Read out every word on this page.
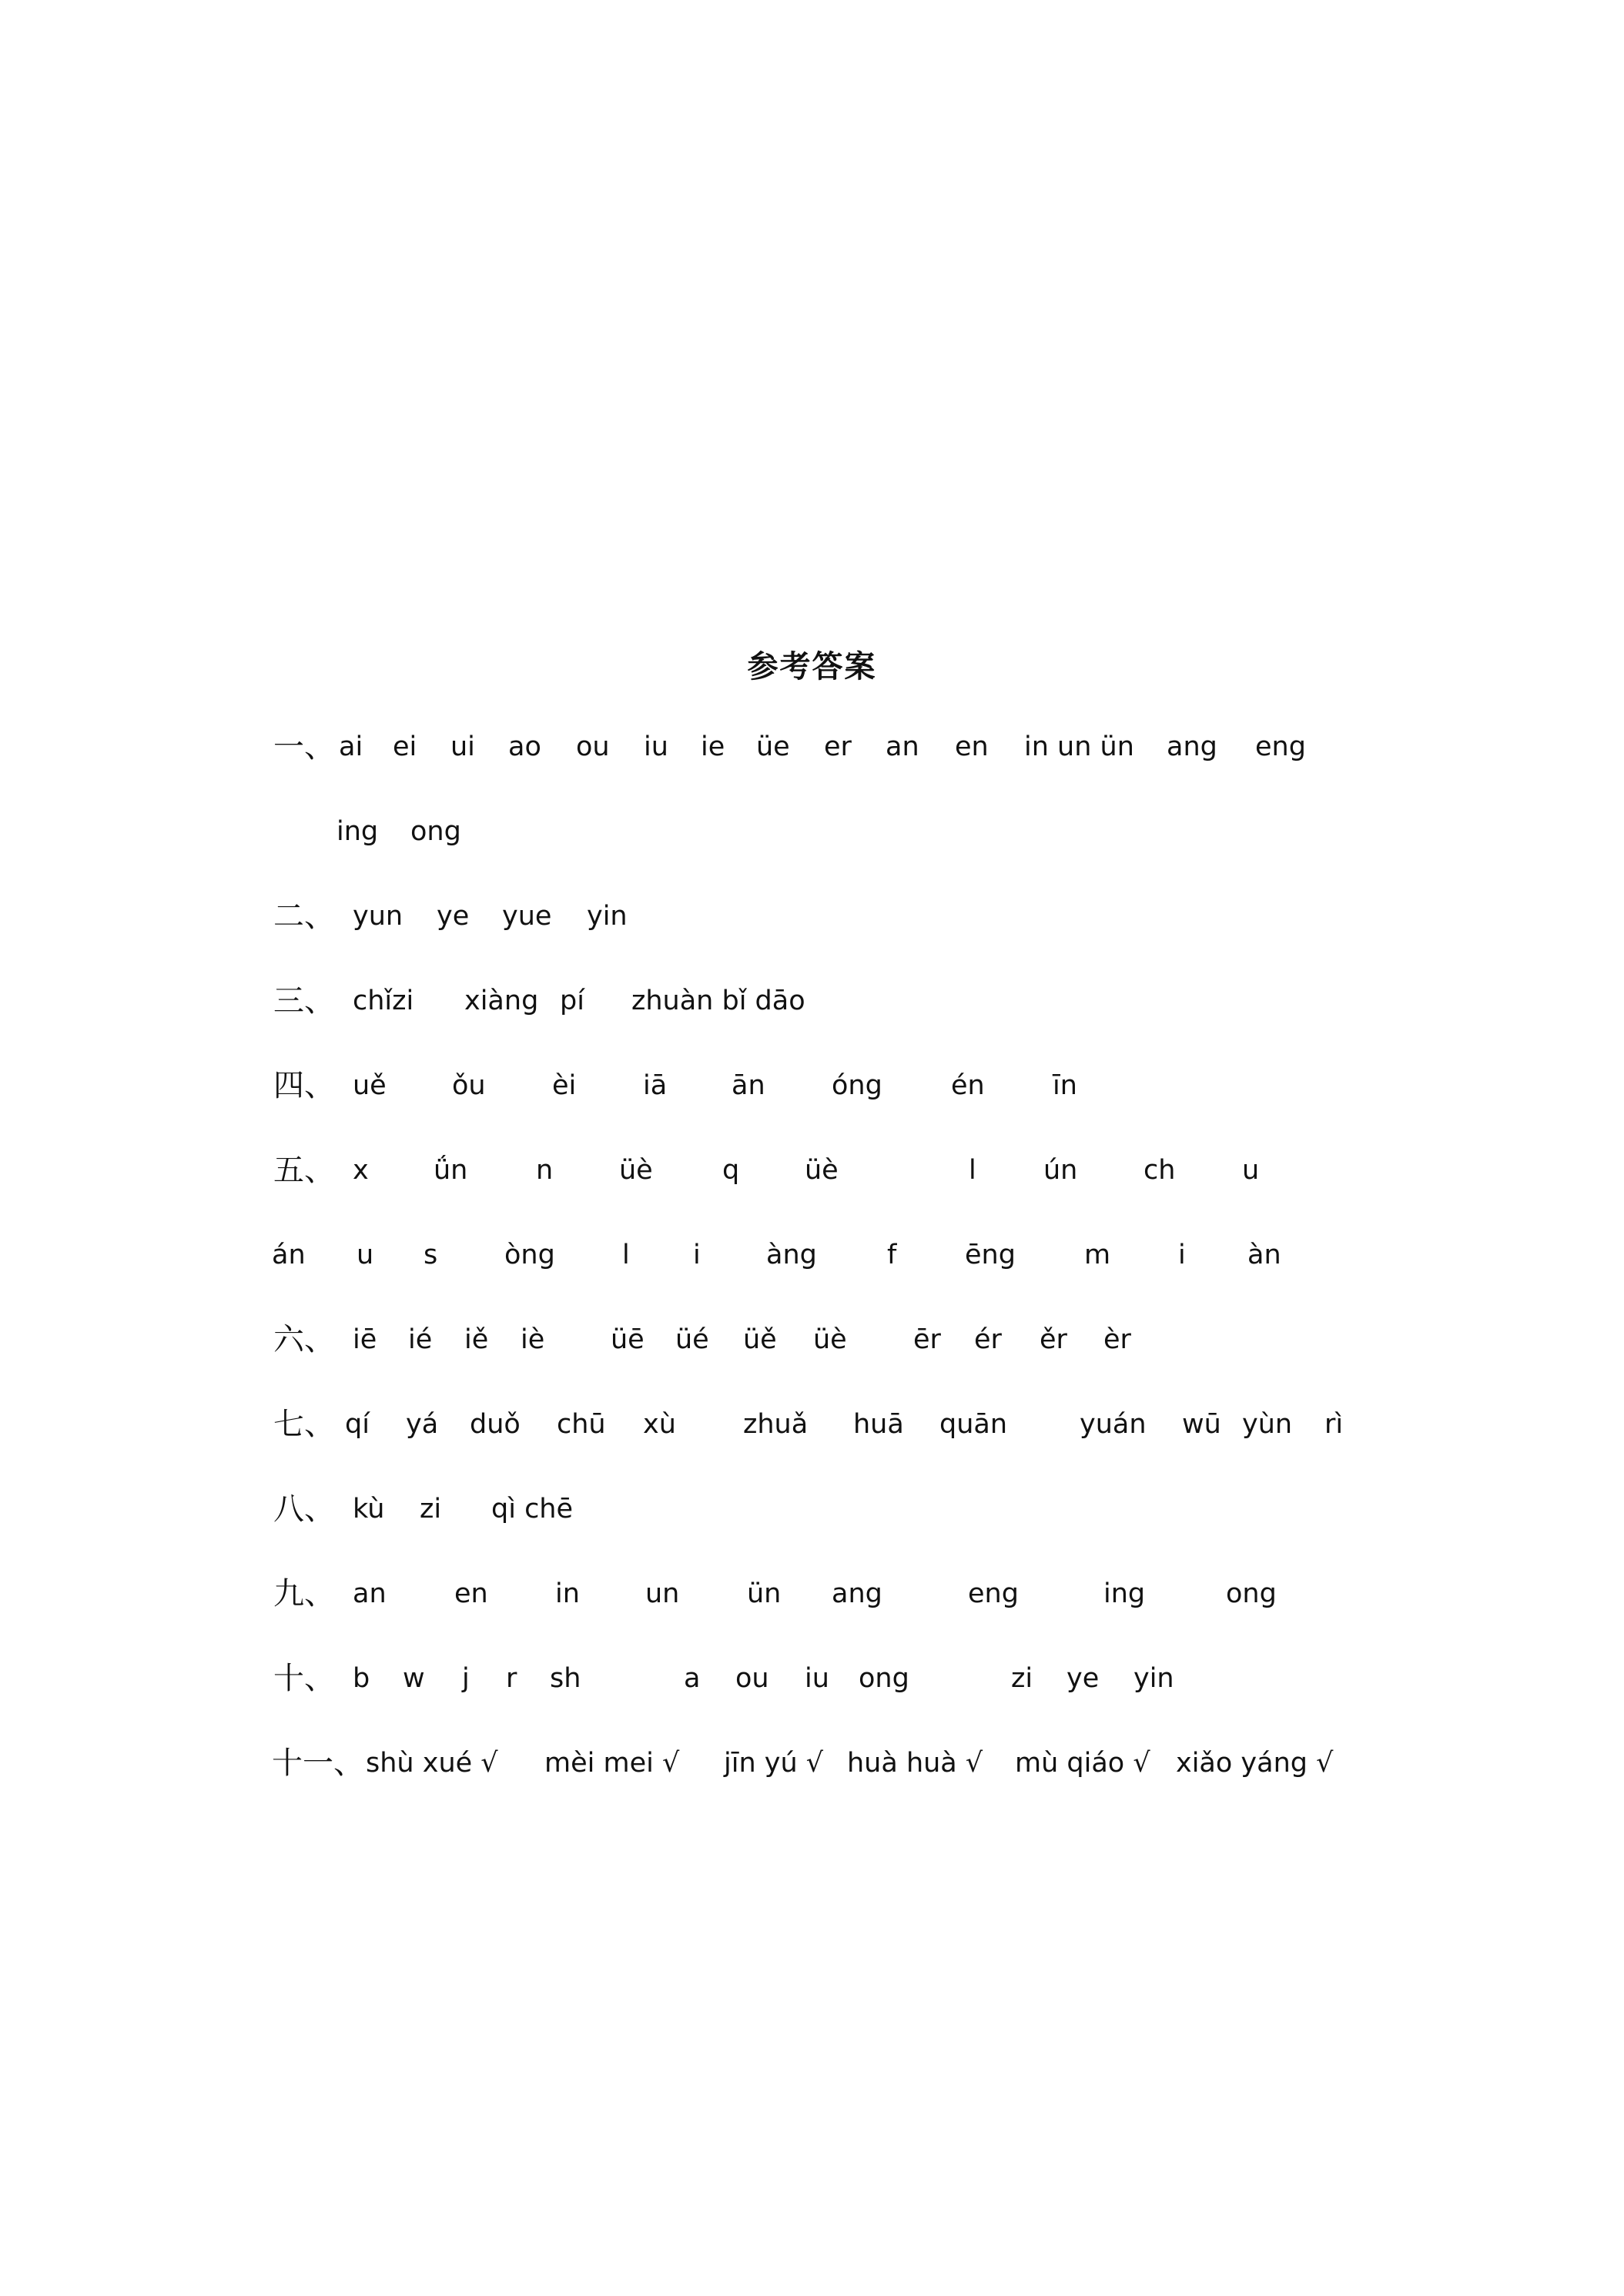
参考答案
一、 ai ei ui ao ou iu ie üe er an en in un ün ang eng
ing ong
二、 yun ye yue yin
三、 chǐzi xiàng pí zhuàn bǐ dāo
四、 uě ǒu èi iā ān óng	én	īn
五、 x ǘn	n üè	q üè	l ún ch u
án u s òng l i àng	f	ēng	m	i àn
六、 iē ié iě iè üē üé üě üè ēr ér ěr èr
七、 qí yá duǒ chū xù zhuǎ huā quān	yuán wū yùn rì
八、 kù zi qì chē
九、 an	en in un	ün ang	eng	ing	ong
十、 b w j r sh	a ou iu ong	zi ye yin
十一、 shù xué √ mèi mei √ jīn yú √ huà huà √ mù qiáo √ xiǎo yáng √
